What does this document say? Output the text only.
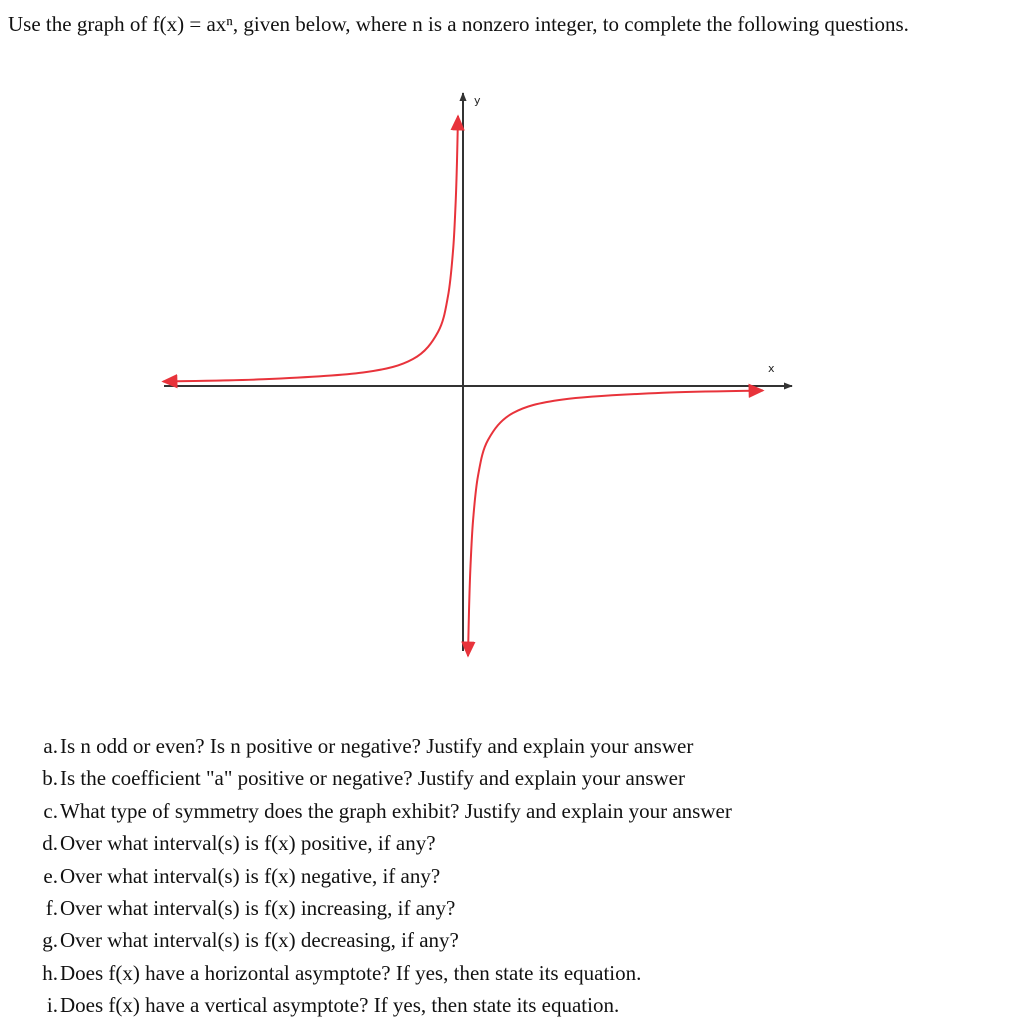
Use the graph of f(x) = axⁿ, given below, where n is a nonzero integer, to complete the following questions.
x
y
a. Is n odd or even? Is n positive or negative? Justify and explain your answer
b. Is the coefficient "a" positive or negative? Justify and explain your answer
c. What type of symmetry does the graph exhibit? Justify and explain your answer
d. Over what interval(s) is f(x) positive, if any?
e. Over what interval(s) is f(x) negative, if any?
f. Over what interval(s) is f(x) increasing, if any?
g. Over what interval(s) is f(x) decreasing, if any?
h. Does f(x) have a horizontal asymptote? If yes, then state its equation.
i. Does f(x) have a vertical asymptote? If yes, then state its equation.
